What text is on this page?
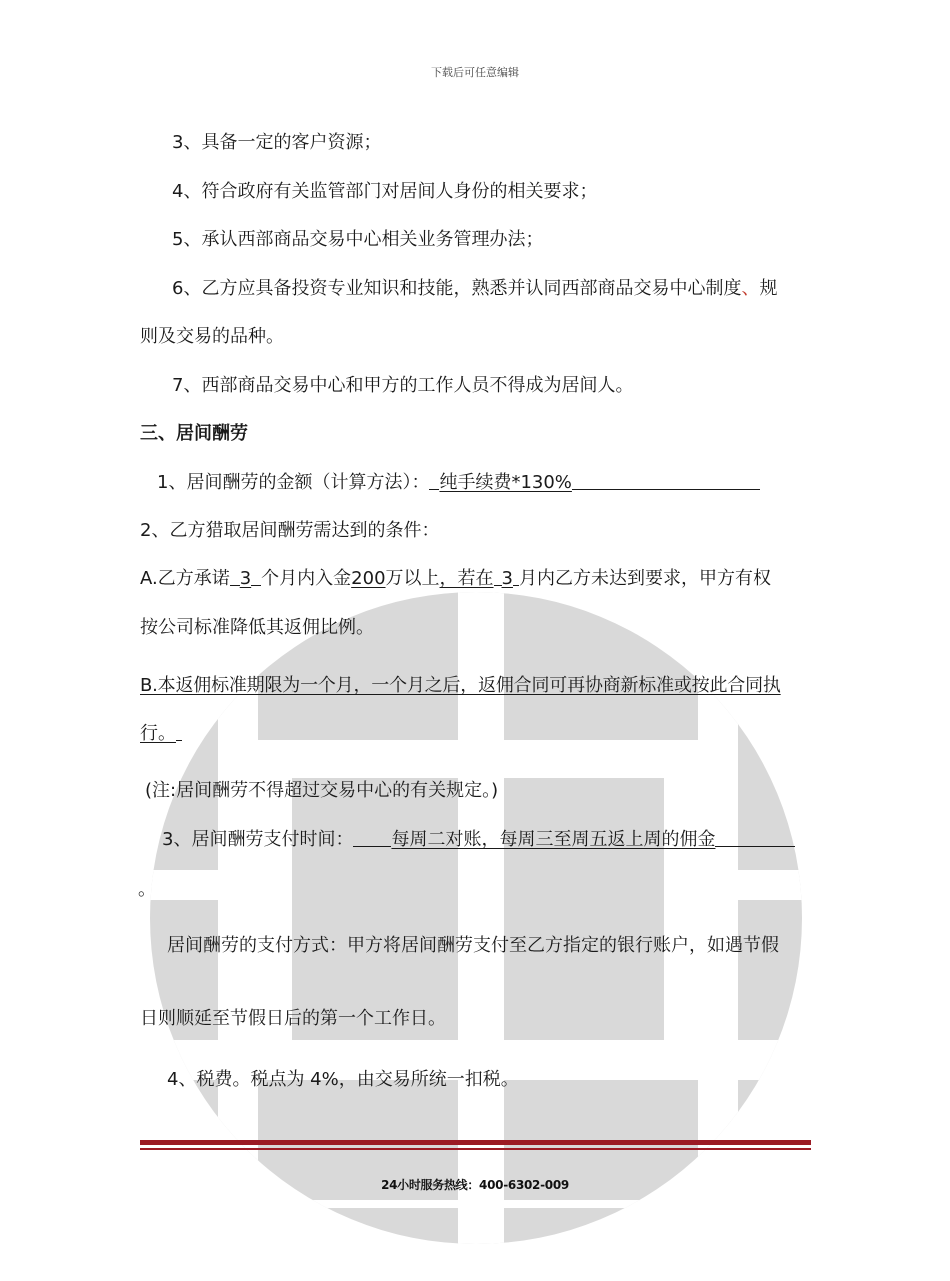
下载后可任意编辑
3、具备一定的客户资源；
4、符合政府有关监管部门对居间人身份的相关要求；
5、承认西部商品交易中心相关业务管理办法；
6、乙方应具备投资专业知识和技能，熟悉并认同西部商品交易中心制度、规
则及交易的品种。
7、西部商品交易中心和甲方的工作人员不得成为居间人。
三、居间酬劳
1、居间酬劳的金额（计算方法）： 纯手续费*130%
2、乙方猎取居间酬劳需达到的条件：
A.乙方承诺 3 个月内入金200万以上，若在 3 月内乙方未达到要求，甲方有权
按公司标准降低其返佣比例。
B.本返佣标准期限为一个月，一个月之后，返佣合同可再协商新标准或按此合同执
行。
(注:居间酬劳不得超过交易中心的有关规定。)
3、居间酬劳支付时间： 每周二对账，每周三至周五返上周的佣金
。
居间酬劳的支付方式：甲方将居间酬劳支付至乙方指定的银行账户，如遇节假
日则顺延至节假日后的第一个工作日。
4、税费。税点为 4%，由交易所统一扣税。
24小时服务热线：400-6302-009
